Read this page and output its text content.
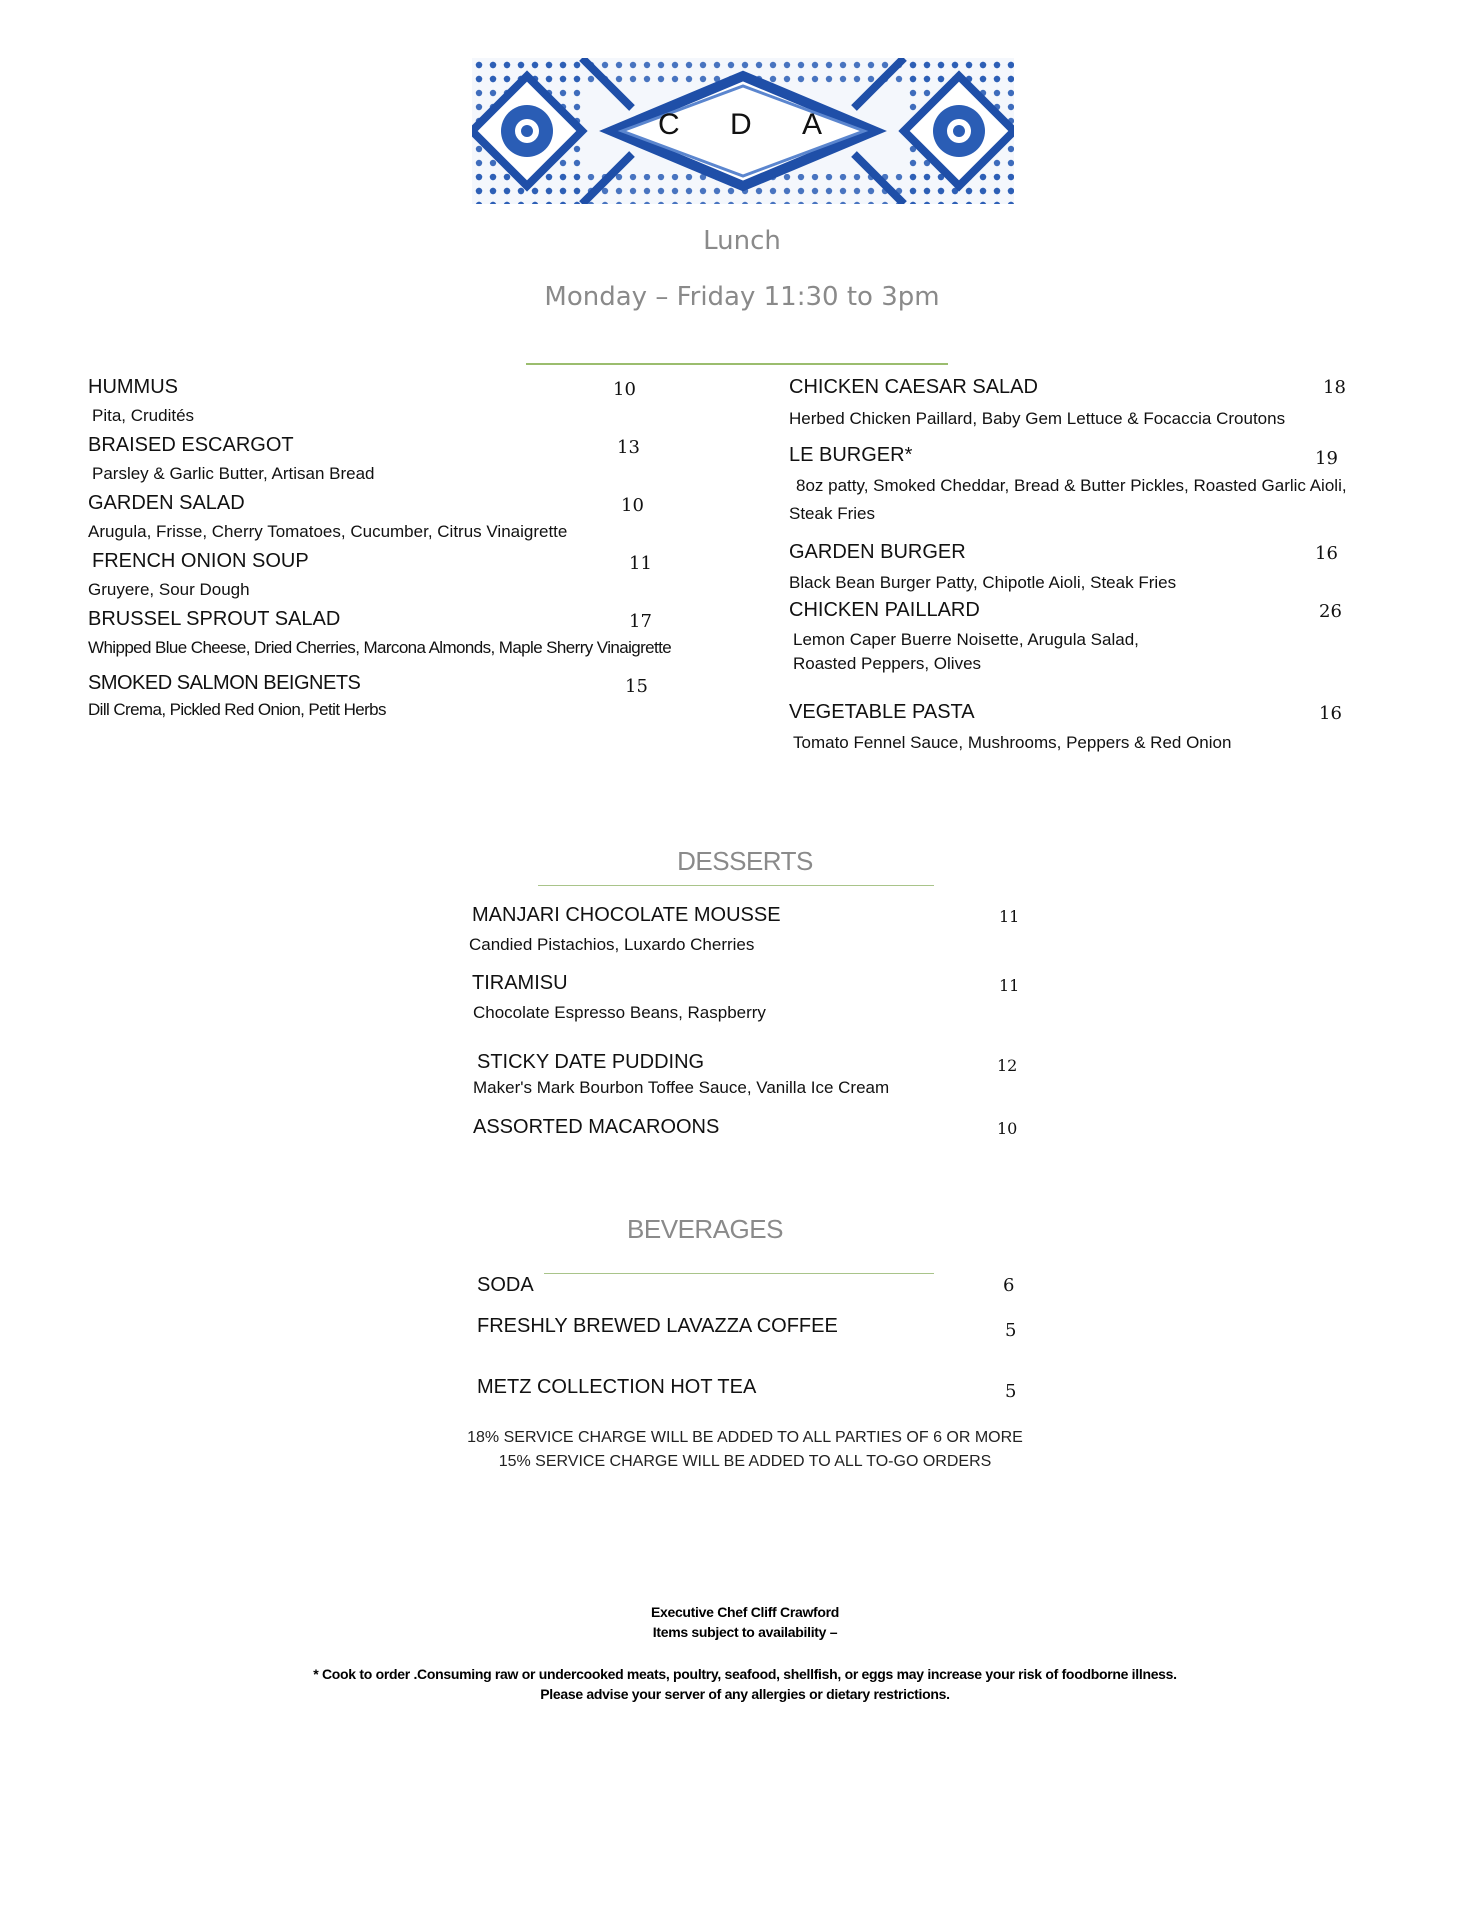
C D A
Lunch
Monday – Friday 11:30 to 3pm
HUMMUS	10
Pita, Crudités
BRAISED ESCARGOT	13
Parsley & Garlic Butter, Artisan Bread
GARDEN SALAD	10
Arugula, Frisse, Cherry Tomatoes, Cucumber, Citrus Vinaigrette
FRENCH ONION SOUP	11
Gruyere, Sour Dough
BRUSSEL SPROUT SALAD	17
Whipped Blue Cheese, Dried Cherries, Marcona Almonds, Maple Sherry Vinaigrette
SMOKED SALMON BEIGNETS	15
Dill Crema, Pickled Red Onion, Petit Herbs
CHICKEN CAESAR SALAD	18
Herbed Chicken Paillard, Baby Gem Lettuce & Focaccia Croutons
LE BURGER*	19
8oz patty, Smoked Cheddar, Bread & Butter Pickles, Roasted Garlic Aioli,
Steak Fries
GARDEN BURGER	16
Black Bean Burger Patty, Chipotle Aioli, Steak Fries
CHICKEN PAILLARD	26
Lemon Caper Buerre Noisette, Arugula Salad,
Roasted Peppers, Olives
VEGETABLE PASTA	16
Tomato Fennel Sauce, Mushrooms, Peppers & Red Onion
DESSERTS
MANJARI CHOCOLATE MOUSSE	11
Candied Pistachios, Luxardo Cherries
TIRAMISU	11
Chocolate Espresso Beans, Raspberry
STICKY DATE PUDDING	12
Maker's Mark Bourbon Toffee Sauce, Vanilla Ice Cream
ASSORTED MACAROONS	10
BEVERAGES
SODA	6
FRESHLY BREWED LAVAZZA COFFEE	5
METZ COLLECTION HOT TEA	5
18% SERVICE CHARGE WILL BE ADDED TO ALL PARTIES OF 6 OR MORE
15% SERVICE CHARGE WILL BE ADDED TO ALL TO-GO ORDERS
Executive Chef Cliff Crawford
Items subject to availability –
* Cook to order .Consuming raw or undercooked meats, poultry, seafood, shellfish, or eggs may increase your risk of foodborne illness.
Please advise your server of any allergies or dietary restrictions.
